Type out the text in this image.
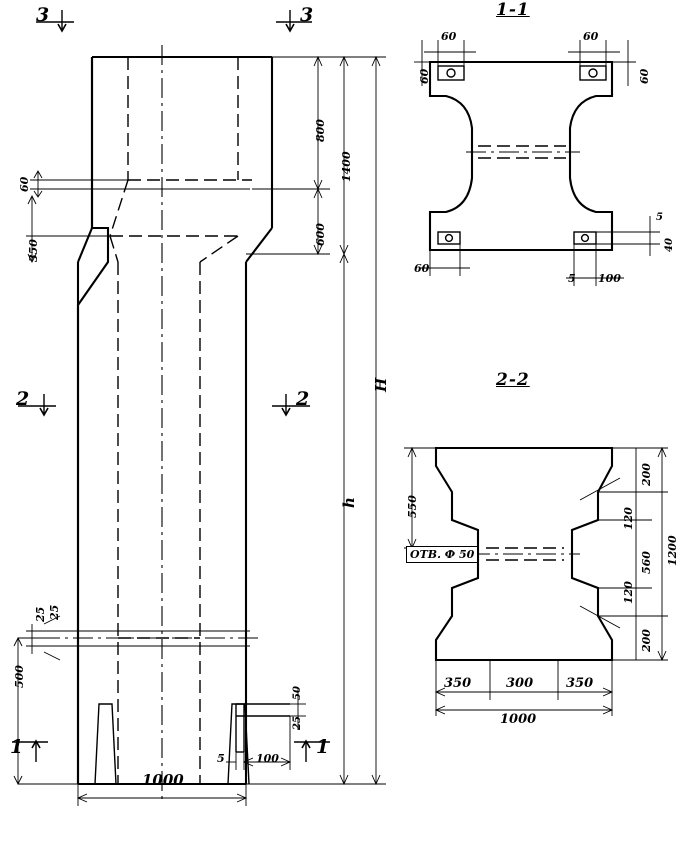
3	3
2	2
1	1
1-1
2-2
60
350
25 25
500
800
1400
600
H
h
1000
5	100
50
25
60	60
60	60
60
5 100
5
40
550
200
120
560
120
200
1200
350	300	350
1000
ОТВ. Ф 50
